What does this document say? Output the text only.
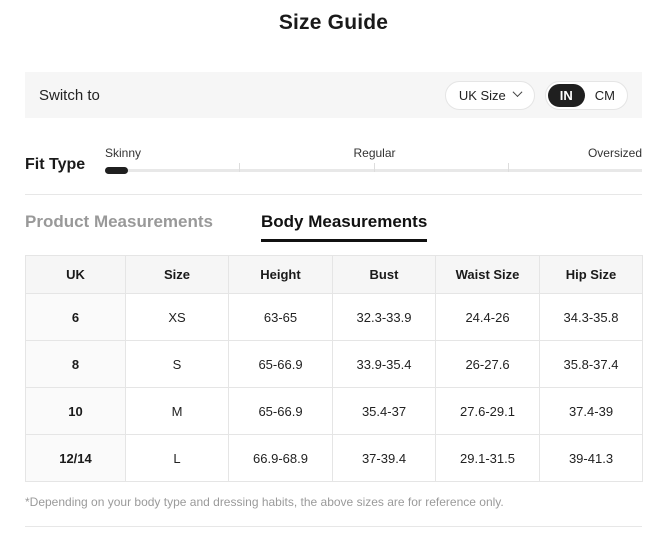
Size Guide
Switch to	UK Size	IN	CM
Fit Type
Skinny	Regular	Oversized
Product Measurements	Body Measurements
UK	Size	Height	Bust	Waist Size	Hip Size
6	XS	63-65	32.3-33.9	24.4-26	34.3-35.8
8	S	65-66.9	33.9-35.4	26-27.6	35.8-37.4
10	M	65-66.9	35.4-37	27.6-29.1	37.4-39
12/14	L	66.9-68.9	37-39.4	29.1-31.5	39-41.3
*Depending on your body type and dressing habits, the above sizes are for reference only.
